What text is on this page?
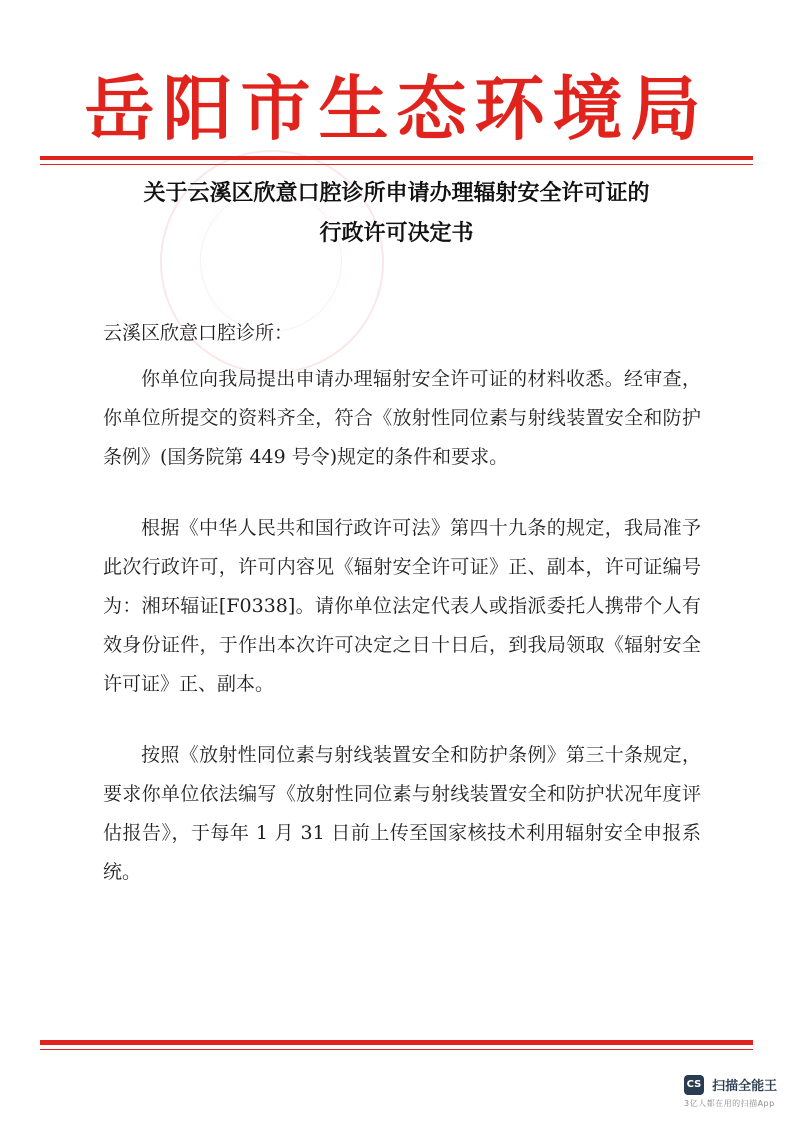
岳阳市生态环境局
关于云溪区欣意口腔诊所申请办理辐射安全许可证的
行政许可决定书
云溪区欣意口腔诊所：

你单位向我局提出申请办理辐射安全许可证的材料收悉。经审查，你单位所提交的资料齐全，符合《放射性同位素与射线装置安全和防护条例》(国务院第 449 号令)规定的条件和要求。

根据《中华人民共和国行政许可法》第四十九条的规定，我局准予此次行政许可，许可内容见《辐射安全许可证》正、副本，许可证编号为：湘环辐证[F0338]。请你单位法定代表人或指派委托人携带个人有效身份证件，于作出本次许可决定之日十日后，到我局领取《辐射安全许可证》正、副本。

按照《放射性同位素与射线装置安全和防护条例》第三十条规定，要求你单位依法编写《放射性同位素与射线装置安全和防护状况年度评估报告》，于每年 1 月 31 日前上传至国家核技术利用辐射安全申报系统。

CS 扫描全能王
3亿人都在用的扫描App
